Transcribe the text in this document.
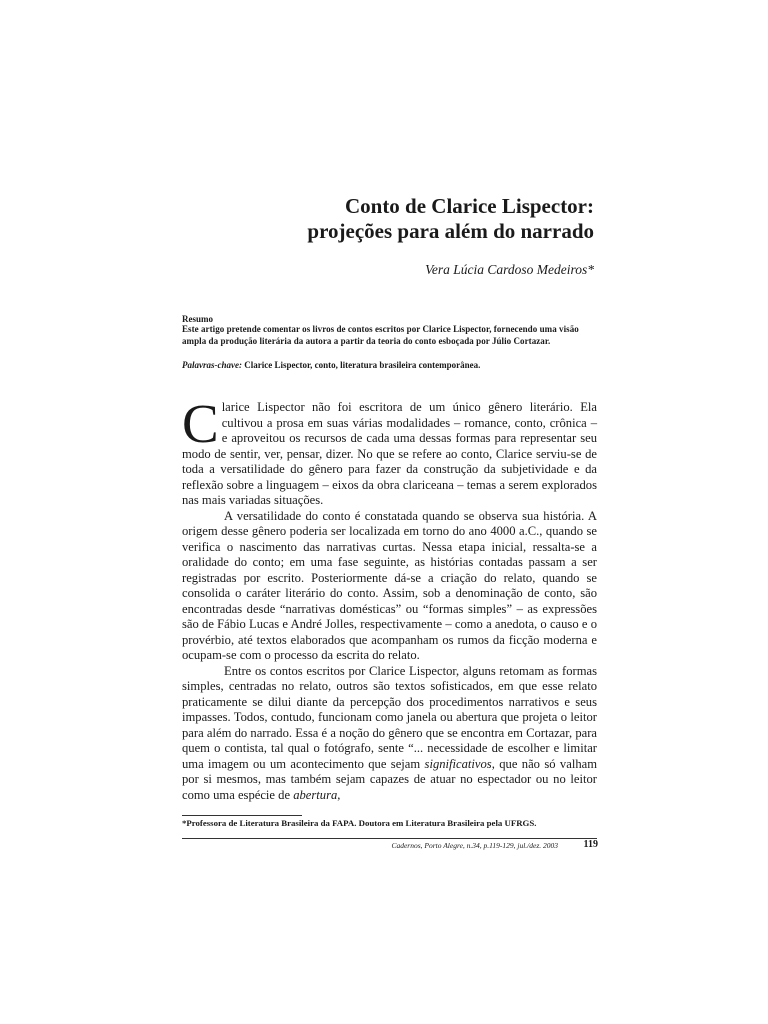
Conto de Clarice Lispector:
projeções para além do narrado
Vera Lúcia Cardoso Medeiros*
Resumo
Este artigo pretende comentar os livros de contos escritos por Clarice Lispector, fornecendo uma visão ampla da produção literária da autora a partir da teoria do conto esboçada por Júlio Cortazar.
Palavras-chave: Clarice Lispector, conto, literatura brasileira contemporânea.

Clarice Lispector não foi escritora de um único gênero literário. Ela cultivou a prosa em suas várias modalidades – romance, conto, crônica – e aproveitou os recursos de cada uma dessas formas para representar seu modo de sentir, ver, pensar, dizer. No que se refere ao conto, Clarice serviu-se de toda a versatilidade do gênero para fazer da construção da subjetividade e da reflexão sobre a linguagem – eixos da obra clariceana – temas a serem explorados nas mais variadas situações.

A versatilidade do conto é constatada quando se observa sua história. A origem desse gênero poderia ser localizada em torno do ano 4000 a.C., quando se verifica o nascimento das narrativas curtas. Nessa etapa inicial, ressalta-se a oralidade do conto; em uma fase seguinte, as histórias contadas passam a ser registradas por escrito. Posteriormente dá-se a criação do relato, quando se consolida o caráter literário do conto. Assim, sob a denominação de conto, são encontradas desde “narrativas domésticas” ou “formas simples” – as expressões são de Fábio Lucas e André Jolles, respectivamente – como a anedota, o causo e o provérbio, até textos elaborados que acompanham os rumos da ficção moderna e ocupam-se com o processo da escrita do relato.

Entre os contos escritos por Clarice Lispector, alguns retomam as formas simples, centradas no relato, outros são textos sofisticados, em que esse relato praticamente se dilui diante da percepção dos procedimentos narrativos e seus impasses. Todos, contudo, funcionam como janela ou abertura que projeta o leitor para além do narrado. Essa é a noção do gênero que se encontra em Cortazar, para quem o contista, tal qual o fotógrafo, sente “... necessidade de escolher e limitar uma imagem ou um acontecimento que sejam significativos, que não só valham por si mesmos, mas também sejam capazes de atuar no espectador ou no leitor como uma espécie de abertura,

*Professora de Literatura Brasileira da FAPA. Doutora em Literatura Brasileira pela UFRGS.
Cadernos, Porto Alegre, n.34, p.119-129, jul./dez. 2003	119
